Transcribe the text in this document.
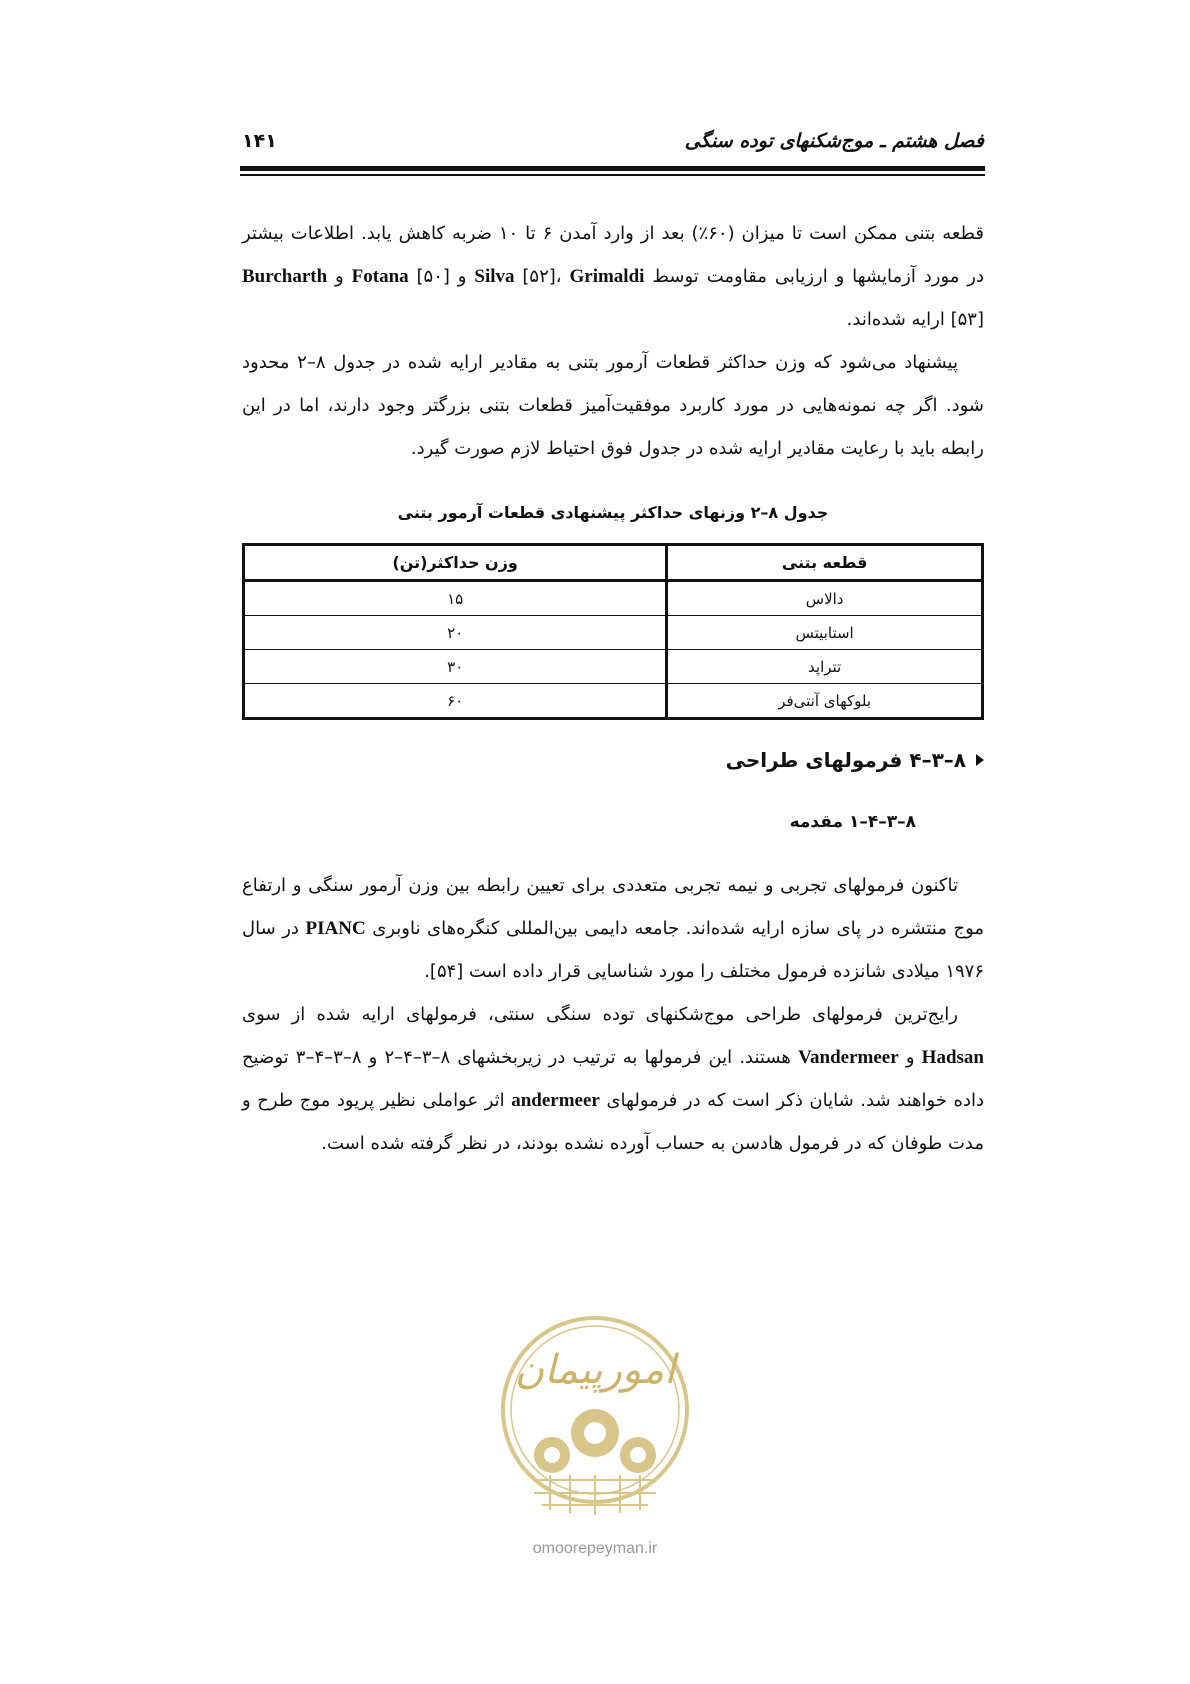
۱۴۱	فصل هشتم ـ موج‌شکنهای توده سنگی

قطعه بتنی ممکن است تا میزان (۶۰٪) بعد از وارد آمدن ۶ تا ۱۰ ضربه کاهش یابد. اطلاعات بیشتر در مورد آزمایشها و ارزیابی مقاومت توسط Silva [۵۲]، Grimaldi و Fotana [۵۰] و Burcharth [۵۳] ارایه شده‌اند.

پیشنهاد می‌شود که وزن حداکثر قطعات آرمور بتنی به مقادیر ارایه شده در جدول ۸–۲ محدود شود. اگر چه نمونه‌هایی در مورد کاربرد موفقیت‌آمیز قطعات بتنی بزرگتر وجود دارند، اما در این رابطه باید با رعایت مقادیر ارایه شده در جدول فوق احتیاط لازم صورت گیرد.

جدول ۸–۲ وزنهای حداکثر پیشنهادی قطعات آرمور بتنی
قطعه بتنی	وزن حداکثر(تن)
دالاس	۱۵
استابیتس	۲۰
تتراپد	۳۰
بلوکهای آنتی‌فر	۶۰
۸–۳–۴ فرمولهای طراحی
۸–۳–۴–۱ مقدمه

تاکنون فرمولهای تجربی و نیمه تجربی متعددی برای تعیین رابطه بین وزن آرمور سنگی و ارتفاع موج منتشره در پای سازه ارایه شده‌اند. جامعه دایمی بین‌المللی کنگره‌های ناوبری PIANC در سال ۱۹۷۶ میلادی شانزده فرمول مختلف را مورد شناسایی قرار داده است [۵۴].

رایج‌ترین فرمولهای طراحی موج‌شکنهای توده سنگی سنتی، فرمولهای ارایه شده از سوی Hadsan و Vandermeer هستند. این فرمولها به ترتیب در زیربخشهای ۸–۳–۴–۲ و ۸–۳–۴–۳ توضیح داده خواهند شد. شایان ذکر است که در فرمولهای andermeer اثر عواملی نظیر پریود موج طرح و مدت طوفان که در فرمول هادسن به حساب آورده نشده بودند، در نظر گرفته شده است.

امورپیمان
omoorepeyman.ir
